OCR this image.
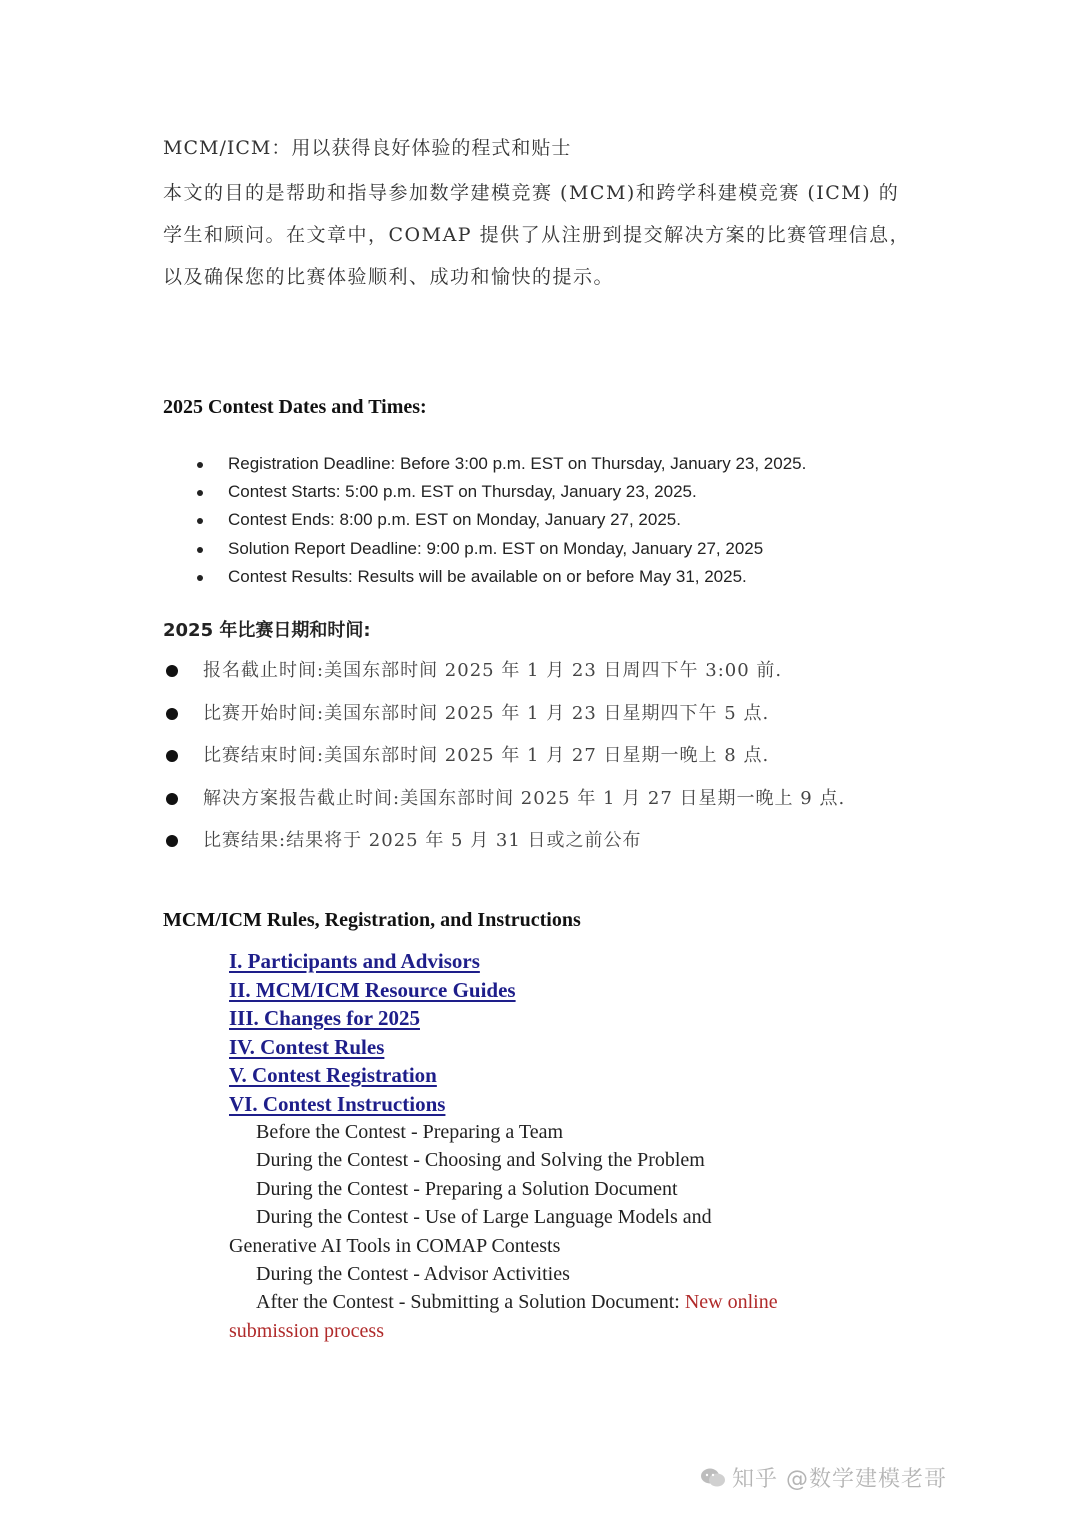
MCM/ICM：用以获得良好体验的程式和贴士
本文的目的是帮助和指导参加数学建模竞赛 (MCM)和跨学科建模竞赛 (ICM) 的
学生和顾问。在文章中，COMAP 提供了从注册到提交解决方案的比赛管理信息，
以及确保您的比赛体验顺利、成功和愉快的提示。
2025 Contest Dates and Times:
Registration Deadline: Before 3:00 p.m. EST on Thursday, January 23, 2025.
Contest Starts: 5:00 p.m. EST on Thursday, January 23, 2025.
Contest Ends: 8:00 p.m. EST on Monday, January 27, 2025.
Solution Report Deadline: 9:00 p.m. EST on Monday, January 27, 2025
Contest Results: Results will be available on or before May 31, 2025.
2025 年比赛日期和时间:
报名截止时间:美国东部时间 2025 年 1 月 23 日周四下午 3:00 前.
比赛开始时间:美国东部时间 2025 年 1 月 23 日星期四下午 5 点.
比赛结束时间:美国东部时间 2025 年 1 月 27 日星期一晚上 8 点.
解决方案报告截止时间:美国东部时间 2025 年 1 月 27 日星期一晚上 9 点.
比赛结果:结果将于 2025 年 5 月 31 日或之前公布
MCM/ICM Rules, Registration, and Instructions
I. Participants and Advisors
II. MCM/ICM Resource Guides
III. Changes for 2025
IV. Contest Rules
V. Contest Registration
VI. Contest Instructions
Before the Contest - Preparing a Team
During the Contest - Choosing and Solving the Problem
During the Contest - Preparing a Solution Document
During the Contest - Use of Large Language Models and
Generative AI Tools in COMAP Contests
During the Contest - Advisor Activities
After the Contest - Submitting a Solution Document: New online
submission process
知乎 @数学建模老哥
